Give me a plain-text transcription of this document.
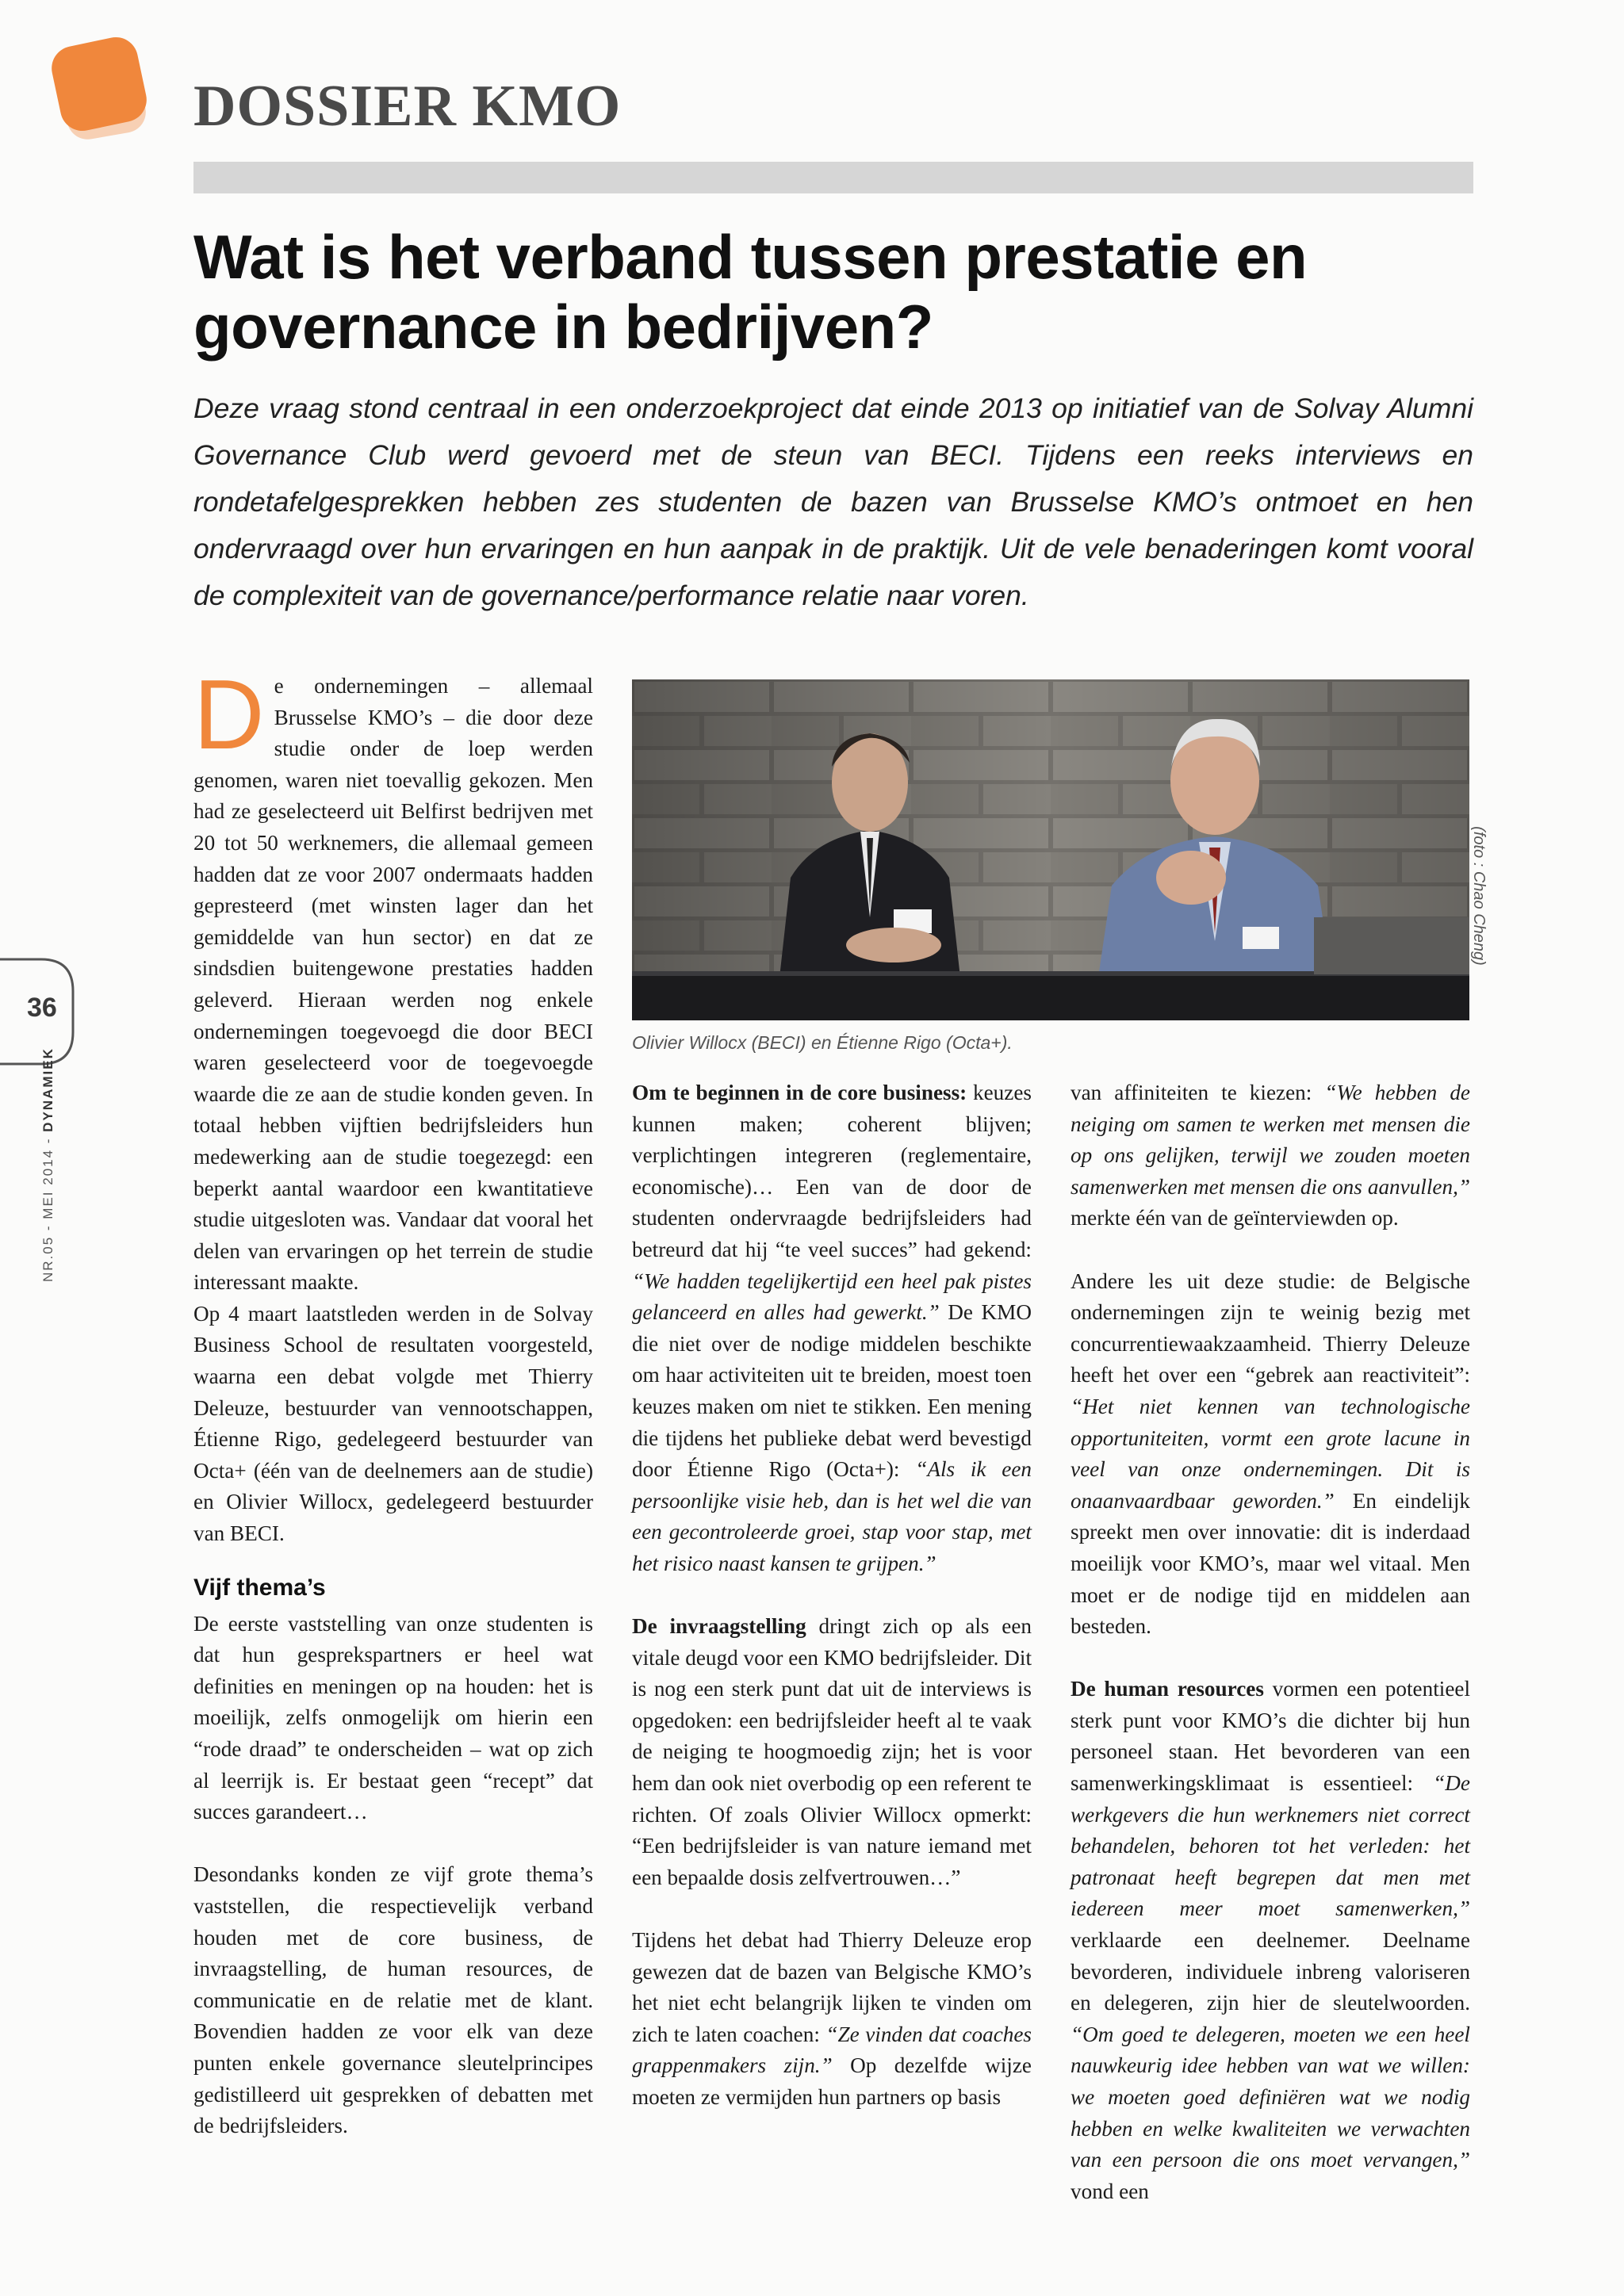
DOSSIER KMO
Wat is het verband tussen prestatie en governance in bedrijven?

Deze vraag stond centraal in een onderzoekproject dat einde 2013 op initiatief van de Solvay Alumni Governance Club werd gevoerd met de steun van BECI. Tijdens een reeks interviews en rondetafelgesprekken hebben zes studenten de bazen van Brusselse KMO’s ontmoet en hen ondervraagd over hun ervaringen en hun aanpak in de praktijk. Uit de vele benaderingen komt vooral de complexiteit van de governance/performance relatie naar voren.

De ondernemingen – allemaal Brusselse KMO’s – die door deze studie onder de loep werden genomen, waren niet toevallig gekozen. Men had ze geselecteerd uit Belfirst bedrijven met 20 tot 50 werknemers, die allemaal gemeen hadden dat ze voor 2007 ondermaats hadden gepresteerd (met winsten lager dan het gemiddelde van hun sector) en dat ze sindsdien buitengewone prestaties hadden geleverd. Hieraan werden nog enkele ondernemingen toegevoegd die door BECI waren geselecteerd voor de toegevoegde waarde die ze aan de studie konden geven. In totaal hebben vijftien bedrijfsleiders hun medewerking aan de studie toegezegd: een beperkt aantal waardoor een kwantitatieve studie uitgesloten was. Vandaar dat vooral het delen van ervaringen op het terrein de studie interessant maakte.

Op 4 maart laatstleden werden in de Solvay Business School de resultaten voorgesteld, waarna een debat volgde met Thierry Deleuze, bestuurder van vennootschappen, Étienne Rigo, gedelegeerd bestuurder van Octa+ (één van de deelnemers aan de studie) en Olivier Willocx, gedelegeerd bestuurder van BECI.

Vijf thema’s

De eerste vaststelling van onze studenten is dat hun gesprekspartners er heel wat definities en meningen op na houden: het is moeilijk, zelfs onmogelijk om hierin een “rode draad” te onderscheiden – wat op zich al leerrijk is. Er bestaat geen “recept” dat succes garandeert…

Desondanks konden ze vijf grote thema’s vaststellen, die respectievelijk verband houden met de core business, de invraagstelling, de human resources, de communicatie en de relatie met de klant. Bovendien hadden ze voor elk van deze punten enkele governance sleutelprincipes gedistilleerd uit gesprekken of debatten met de bedrijfsleiders.

Olivier Willocx (BECI) en Étienne Rigo (Octa+).

(foto : Chao Cheng)

Om te beginnen in de core business: keuzes kunnen maken; coherent blijven; verplichtingen integreren (reglementaire, economische)… Een van de door de studenten ondervraagde bedrijfsleiders had betreurd dat hij “te veel succes” had gekend: “We hadden tegelijkertijd een heel pak pistes gelanceerd en alles had gewerkt.” De KMO die niet over de nodige middelen beschikte om haar activiteiten uit te breiden, moest toen keuzes maken om niet te stikken. Een mening die tijdens het publieke debat werd bevestigd door Étienne Rigo (Octa+): “Als ik een persoonlijke visie heb, dan is het wel die van een gecontroleerde groei, stap voor stap, met het risico naast kansen te grijpen.”

De invraagstelling dringt zich op als een vitale deugd voor een KMO bedrijfsleider. Dit is nog een sterk punt dat uit de interviews is opgedoken: een bedrijfsleider heeft al te vaak de neiging te hoogmoedig zijn; het is voor hem dan ook niet overbodig op een referent te richten. Of zoals Olivier Willocx opmerkt: “Een bedrijfsleider is van nature iemand met een bepaalde dosis zelfvertrouwen…”

Tijdens het debat had Thierry Deleuze erop gewezen dat de bazen van Belgische KMO’s het niet echt belangrijk lijken te vinden om zich te laten coachen: “Ze vinden dat coaches grappenmakers zijn.” Op dezelfde wijze moeten ze vermijden hun partners op basis

van affiniteiten te kiezen: “We hebben de neiging om samen te werken met mensen die op ons gelijken, terwijl we zouden moeten samenwerken met mensen die ons aanvullen,” merkte één van de geïnterviewden op.

Andere les uit deze studie: de Belgische ondernemingen zijn te weinig bezig met concurrentiewaakzaamheid. Thierry Deleuze heeft het over een “gebrek aan reactiviteit”: “Het niet kennen van technologische opportuniteiten, vormt een grote lacune in veel van onze ondernemingen. Dit is onaanvaardbaar geworden.” En eindelijk spreekt men over innovatie: dit is inderdaad moeilijk voor KMO’s, maar wel vitaal. Men moet er de nodige tijd en middelen aan besteden.

De human resources vormen een potentieel sterk punt voor KMO’s die dichter bij hun personeel staan. Het bevorderen van een samenwerkingsklimaat is essentieel: “De werkgevers die hun werknemers niet correct behandelen, behoren tot het verleden: het patronaat heeft begrepen dat men met iedereen meer moet samenwerken,” verklaarde een deelnemer. Deelname bevorderen, individuele inbreng valoriseren en delegeren, zijn hier de sleutelwoorden. “Om goed te delegeren, moeten we een heel nauwkeurig idee hebben van wat we willen: we moeten goed definiëren wat we nodig hebben en welke kwaliteiten we verwachten van een persoon die ons moet vervangen,” vond een

36

NR.05 - MEI 2014 - DYNAMIEK
